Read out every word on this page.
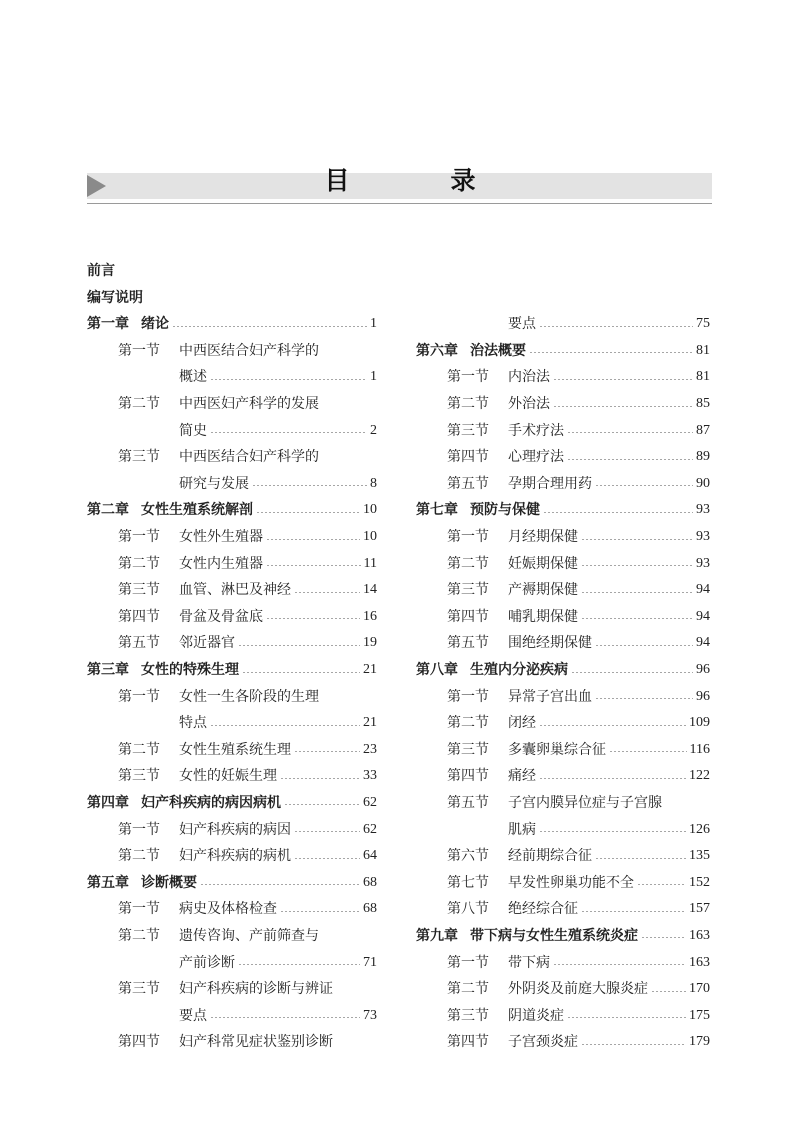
目　录
前言
编写说明
第一章 绪论	1
第一节	中西医结合妇产科学的
概述	1
第二节	中西医妇产科学的发展
简史	2
第三节	中西医结合妇产科学的
研究与发展	8
第二章 女性生殖系统解剖	10
第一节	女性外生殖器	10
第二节	女性内生殖器	11
第三节	血管、淋巴及神经	14
第四节	骨盆及骨盆底	16
第五节	邻近器官	19
第三章 女性的特殊生理	21
第一节	女性一生各阶段的生理
特点	21
第二节	女性生殖系统生理	23
第三节	女性的妊娠生理	33
第四章 妇产科疾病的病因病机	62
第一节	妇产科疾病的病因	62
第二节	妇产科疾病的病机	64
第五章 诊断概要	68
第一节	病史及体格检查	68
第二节	遗传咨询、产前筛查与
产前诊断	71
第三节	妇产科疾病的诊断与辨证
要点	73
第四节	妇产科常见症状鉴别诊断
要点	75
第六章 治法概要	81
第一节	内治法	81
第二节	外治法	85
第三节	手术疗法	87
第四节	心理疗法	89
第五节	孕期合理用药	90
第七章 预防与保健	93
第一节	月经期保健	93
第二节	妊娠期保健	93
第三节	产褥期保健	94
第四节	哺乳期保健	94
第五节	围绝经期保健	94
第八章 生殖内分泌疾病	96
第一节	异常子宫出血	96
第二节	闭经	109
第三节	多囊卵巢综合征	116
第四节	痛经	122
第五节	子宫内膜异位症与子宫腺
肌病	126
第六节	经前期综合征	135
第七节	早发性卵巢功能不全	152
第八节	绝经综合征	157
第九章 带下病与女性生殖系统炎症	163
第一节	带下病	163
第二节	外阴炎及前庭大腺炎症	170
第三节	阴道炎症	175
第四节	子宫颈炎症	179
